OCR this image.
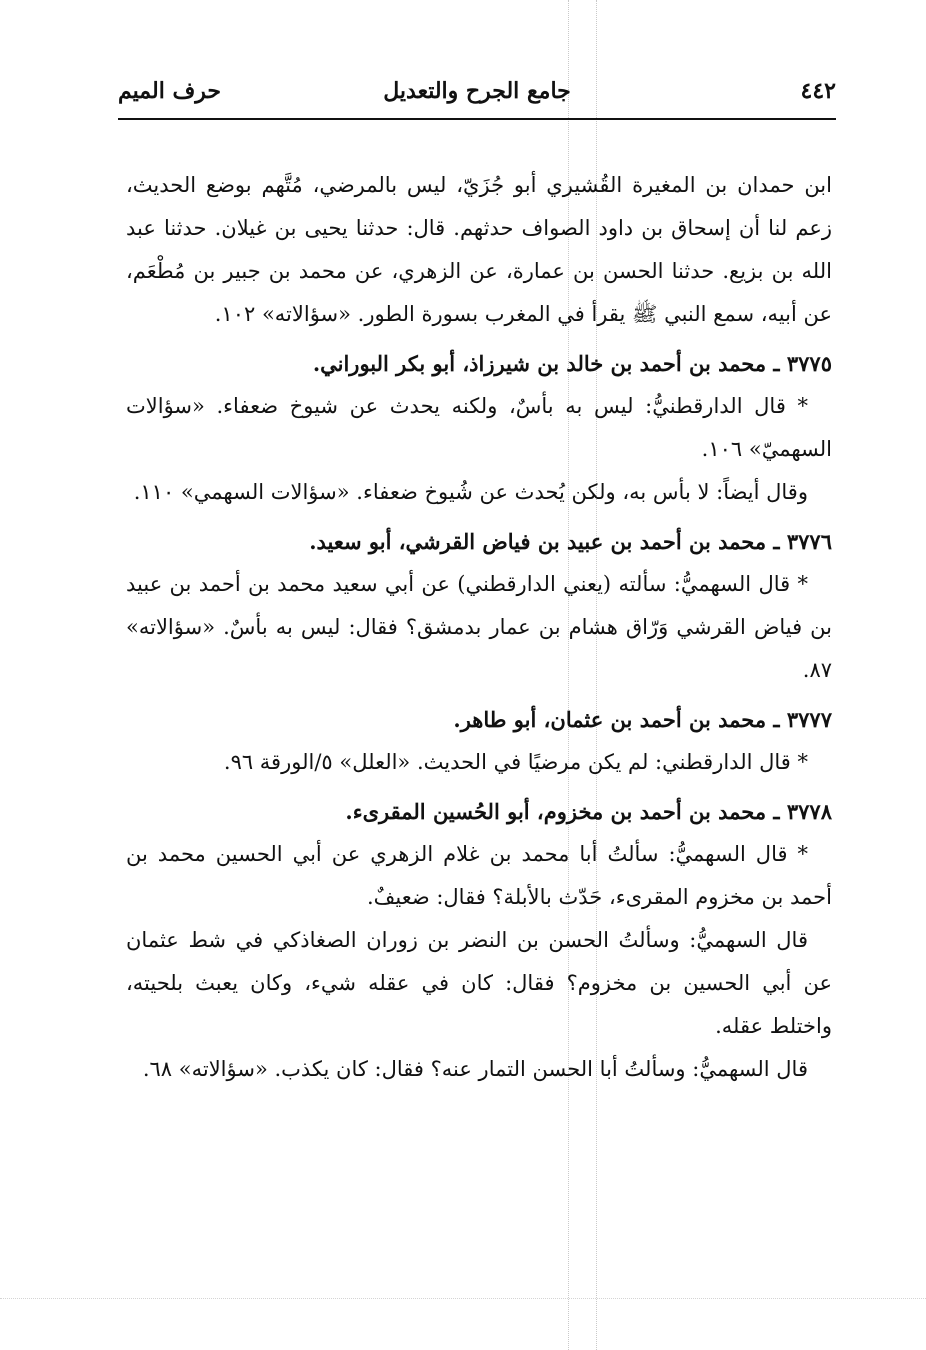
٤٤٢
جامع الجرح والتعديل
حرف الميم

ابن حمدان بن المغيرة القُشيري أبو جُزَيّ، ليس بالمرضي، مُتَّهم بوضع الحديث، زعم لنا أن إسحاق بن داود الصواف حدثهم. قال: حدثنا يحيى بن غيلان. حدثنا عبد الله بن بزيع. حدثنا الحسن بن عمارة، عن الزهري، عن محمد بن جبير بن مُطْعَم، عن أبيه، سمع النبي ﷺ يقرأ في المغرب بسورة الطور. «سؤالاته» ١٠٢.

٣٧٧٥ ـ محمد بن أحمد بن خالد بن شيرزاذ، أبو بكر البوراني.

* قال الدارقطنيُّ: ليس به بأسٌ، ولكنه يحدث عن شيوخ ضعفاء. «سؤالات السهميّ» ١٠٦.

وقال أيضاً: لا بأس به، ولكن يُحدث عن شُيوخ ضعفاء. «سؤالات السهمي» ١١٠.

٣٧٧٦ ـ محمد بن أحمد بن عبيد بن فياض القرشي، أبو سعيد.

* قال السهميُّ: سألته (يعني الدارقطني) عن أبي سعيد محمد بن أحمد بن عبيد بن فياض القرشي وَرّاق هشام بن عمار بدمشق؟ فقال: ليس به بأسٌ. «سؤالاته» ٨٧.

٣٧٧٧ ـ محمد بن أحمد بن عثمان، أبو طاهر.

* قال الدارقطني: لم يكن مرضيًا في الحديث. «العلل» ٥/الورقة ٩٦.

٣٧٧٨ ـ محمد بن أحمد بن مخزوم، أبو الحُسين المقرىء.

* قال السهميُّ: سألتُ أبا محمد بن غلام الزهري عن أبي الحسين محمد بن أحمد بن مخزوم المقرىء، حَدّث بالأبلة؟ فقال: ضعيفٌ.

قال السهميُّ: وسألتُ الحسن بن النضر بن زوران الصغاذكي في شط عثمان عن أبي الحسين بن مخزوم؟ فقال: كان في عقله شيء، وكان يعبث بلحيته، واختلط عقله.

قال السهميُّ: وسألتُ أبا الحسن التمار عنه؟ فقال: كان يكذب. «سؤالاته» ٦٨.
